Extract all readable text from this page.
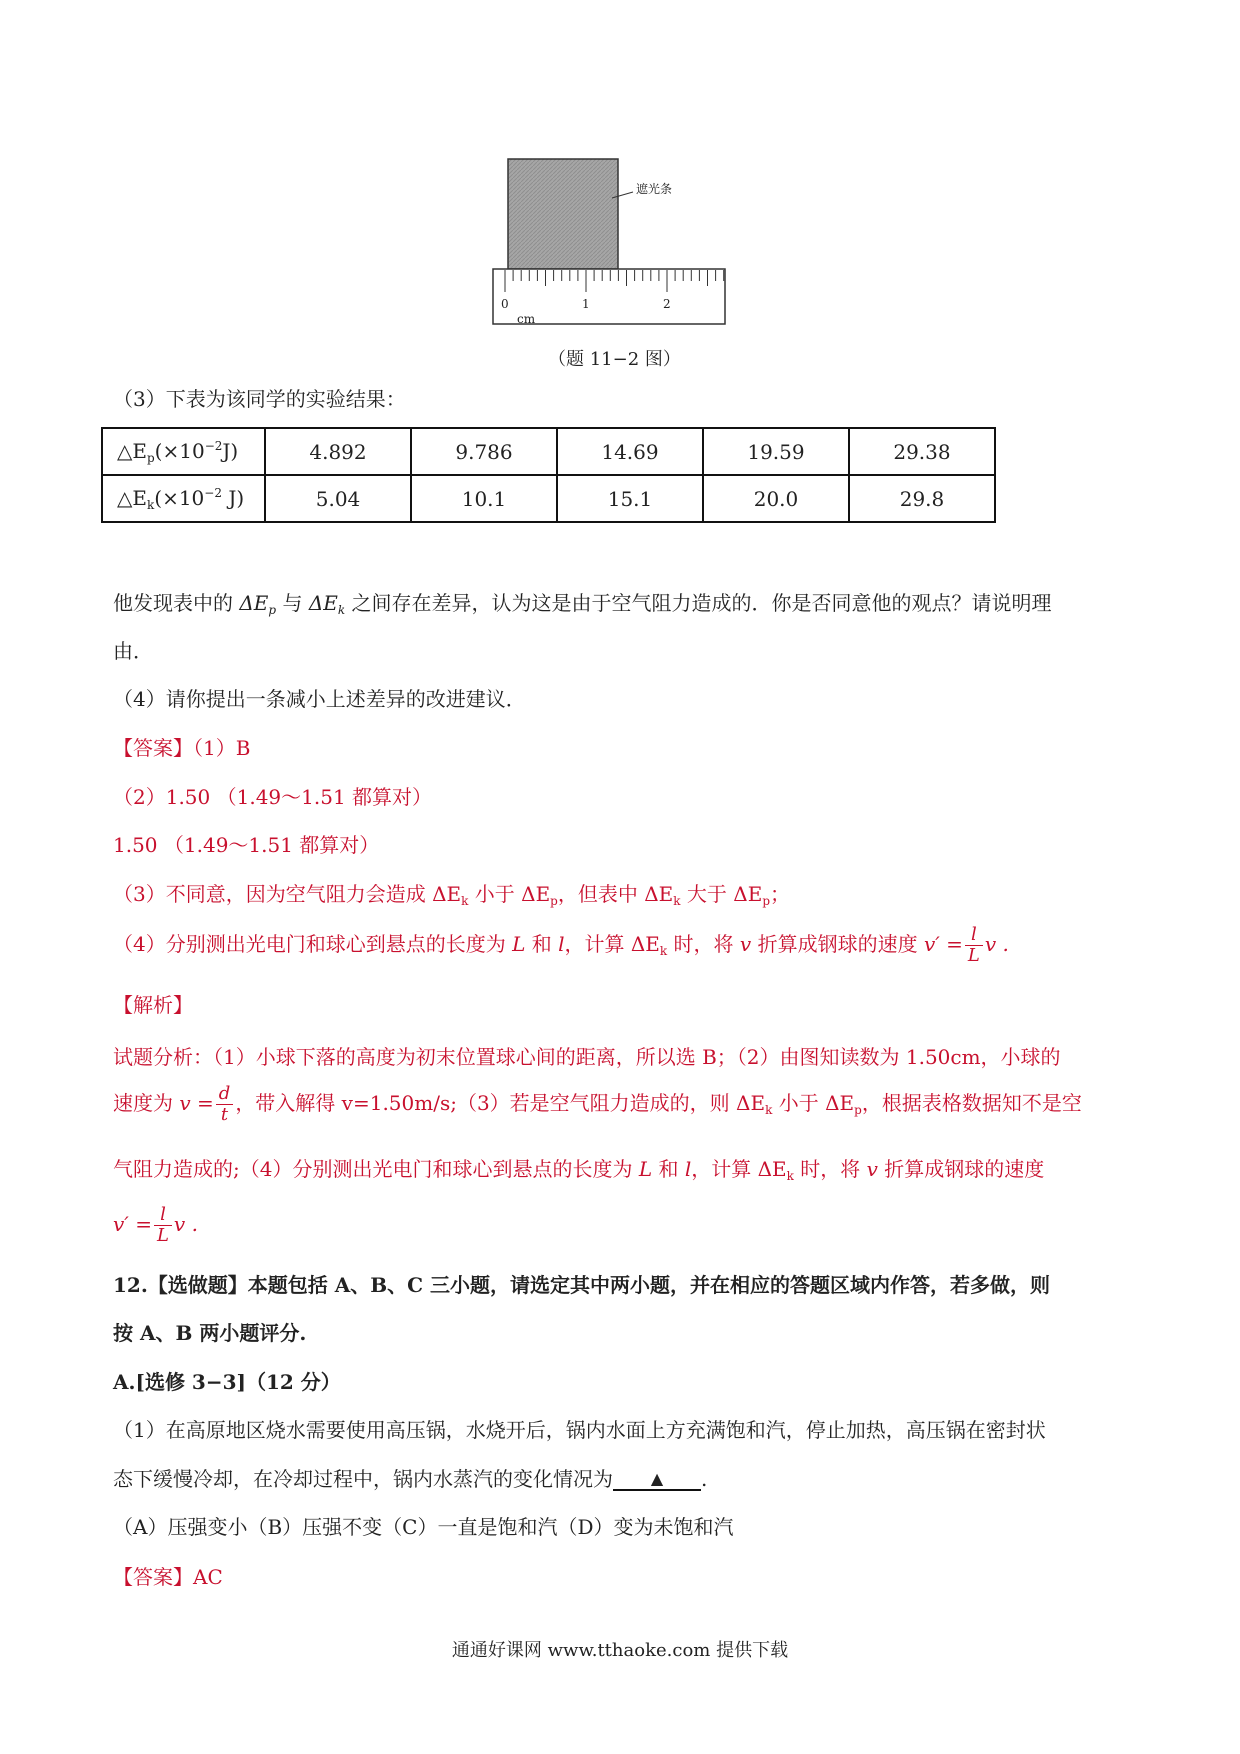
遮光条
0	1	2
cm
（题 11−2 图）
（3）下表为该同学的实验结果：
$\triangle E_p(\times 10^{-2}J)$	4.892	9.786	14.69	19.59	29.38
$\triangle E_k(\times 10^{-2}$ J)	5.04	10.1	15.1	20.0	29.8
他发现表中的 $\Delta E_p$ 与 $\Delta E_k$ 之间存在差异，认为这是由于空气阻力造成的．你是否同意他的观点？请说明理
由．
（4）请你提出一条减小上述差异的改进建议．
【答案】（1）B
（2）1.50 （1.49～1.51 都算对）
1.50 （1.49～1.51 都算对）
（3）不同意，因为空气阻力会造成 $\Delta E_k$ 小于 $\Delta E_p$，但表中 $\Delta E_k$ 大于 $\Delta E_p$；
（4）分别测出光电门和球心到悬点的长度为 L 和 l，计算 $\Delta E_k$ 时，将 v 折算成钢球的速度 $v' = \frac{l}{L}$ v .
【解析】
试题分析：（1）小球下落的高度为初末位置球心间的距离，所以选 B；（2）由图知读数为 1.50cm，小球的
速度为 $v = \frac{d}{t}$ ，带入解得 v=1.50m/s;（3）若是空气阻力造成的，则 $\Delta E_k$ 小于 $\Delta E_p$，根据表格数据知不是空
气阻力造成的;（4）分别测出光电门和球心到悬点的长度为 L 和 l，计算 $\Delta E_k$ 时，将 v 折算成钢球的速度
$v' = \frac{l}{L}$ v .
12.【选做题】本题包括 A、B、C 三小题，请选定其中两小题，并在相应的答题区域内作答，若多做，则
按 A、B 两小题评分.
A.[选修 3−3]（12 分）
（1）在高原地区烧水需要使用高压锅，水烧开后，锅内水面上方充满饱和汽，停止加热，高压锅在密封状
态下缓慢冷却，在冷却过程中，锅内水蒸汽的变化情况为 ▲ .
（A）压强变小（B）压强不变（C）一直是饱和汽（D）变为未饱和汽
【答案】AC
通通好课网 www.tthaoke.com 提供下载
